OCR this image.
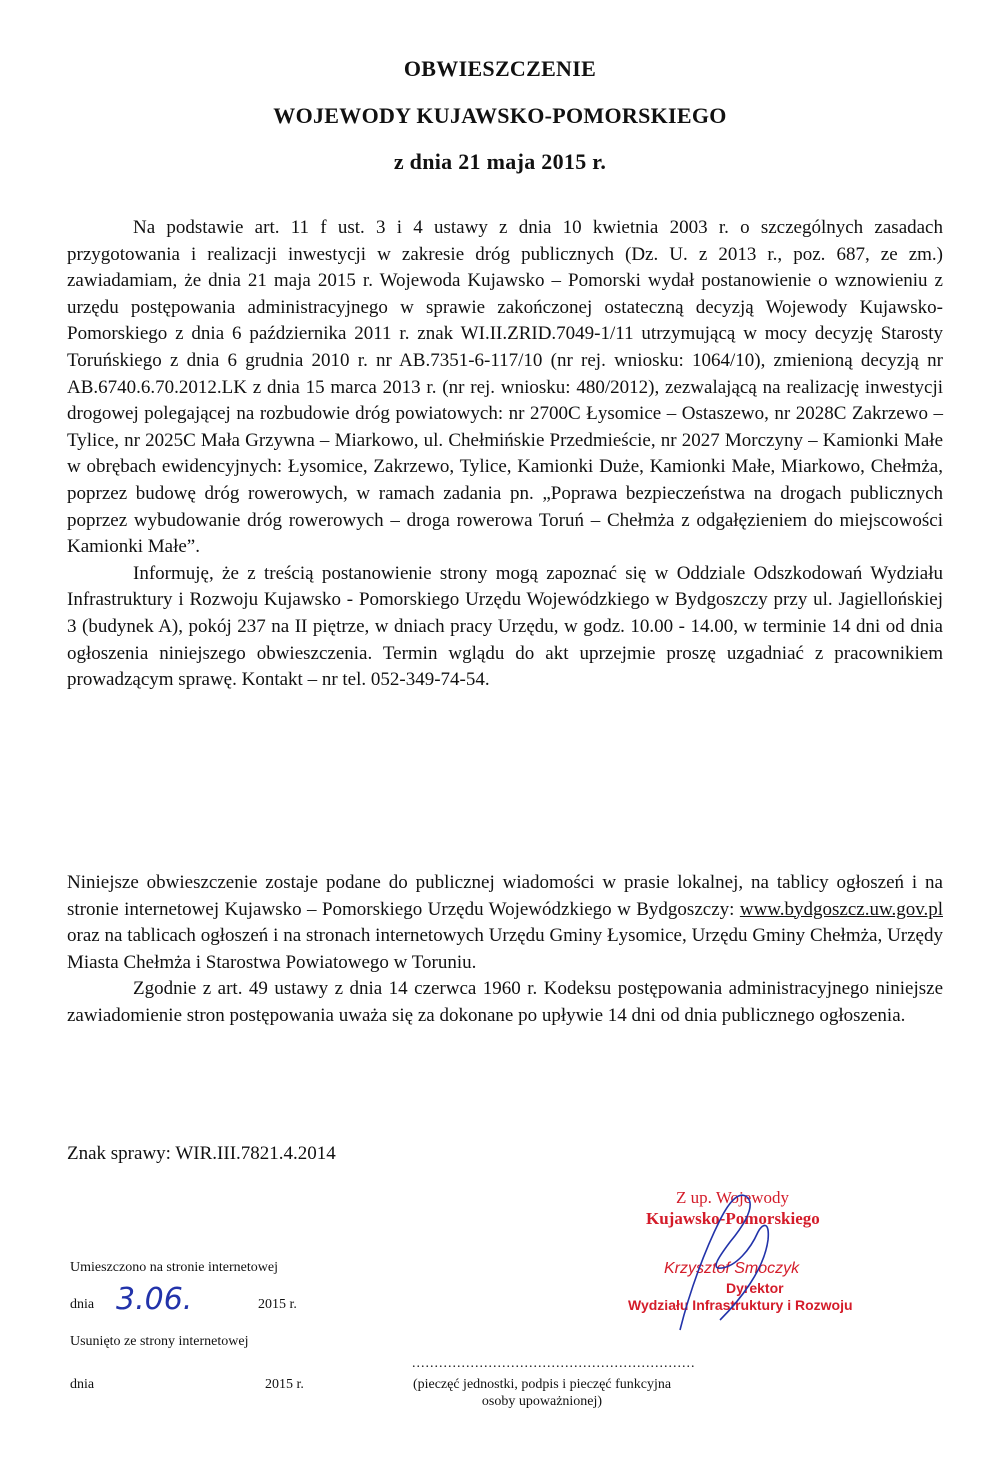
OBWIESZCZENIE
WOJEWODY KUJAWSKO-POMORSKIEGO
z dnia 21 maja 2015 r.

Na podstawie art. 11 f ust. 3 i 4 ustawy z dnia 10 kwietnia 2003 r. o szczególnych zasadach przygotowania i realizacji inwestycji w zakresie dróg publicznych (Dz. U. z 2013 r., poz. 687, ze zm.) zawiadamiam, że dnia 21 maja 2015 r. Wojewoda Kujawsko – Pomorski wydał postanowienie o wznowieniu z urzędu postępowania administracyjnego w sprawie zakończonej ostateczną decyzją Wojewody Kujawsko-Pomorskiego z dnia 6 października 2011 r. znak WI.II.ZRID.7049-1/11 utrzymującą w mocy decyzję Starosty Toruńskiego z dnia 6 grudnia 2010 r. nr AB.7351-6-117/10 (nr rej. wniosku: 1064/10), zmienioną decyzją nr AB.6740.6.70.2012.LK z dnia 15 marca 2013 r. (nr rej. wniosku: 480/2012), zezwalającą na realizację inwestycji drogowej polegającej na rozbudowie dróg powiatowych: nr 2700C Łysomice – Ostaszewo, nr 2028C Zakrzewo – Tylice, nr 2025C Mała Grzywna – Miarkowo, ul. Chełmińskie Przedmieście, nr 2027 Morczyny – Kamionki Małe w obrębach ewidencyjnych: Łysomice, Zakrzewo, Tylice, Kamionki Duże, Kamionki Małe, Miarkowo, Chełmża, poprzez budowę dróg rowerowych, w ramach zadania pn. „Poprawa bezpieczeństwa na drogach publicznych poprzez wybudowanie dróg rowerowych – droga rowerowa Toruń – Chełmża z odgałęzieniem do miejscowości Kamionki Małe”.

Informuję, że z treścią postanowienie strony mogą zapoznać się w Oddziale Odszkodowań Wydziału Infrastruktury i Rozwoju Kujawsko - Pomorskiego Urzędu Wojewódzkiego w Bydgoszczy przy ul. Jagiellońskiej 3 (budynek A), pokój 237 na II piętrze, w dniach pracy Urzędu, w godz. 10.00 - 14.00, w terminie 14 dni od dnia ogłoszenia niniejszego obwieszczenia. Termin wglądu do akt uprzejmie proszę uzgadniać z pracownikiem prowadzącym sprawę. Kontakt – nr tel. 052-349-74-54.

Niniejsze obwieszczenie zostaje podane do publicznej wiadomości w prasie lokalnej, na tablicy ogłoszeń i na stronie internetowej Kujawsko – Pomorskiego Urzędu Wojewódzkiego w Bydgoszczy: www.bydgoszcz.uw.gov.pl oraz na tablicach ogłoszeń i na stronach internetowych Urzędu Gminy Łysomice, Urzędu Gminy Chełmża, Urzędy Miasta Chełmża i Starostwa Powiatowego w Toruniu.

Zgodnie z art. 49 ustawy z dnia 14 czerwca 1960 r. Kodeksu postępowania administracyjnego niniejsze zawiadomienie stron postępowania uważa się za dokonane po upływie 14 dni od dnia publicznego ogłoszenia.

Znak sprawy: WIR.III.7821.4.2014
Z up. Wojewody
Kujawsko-Pomorskiego
Krzysztof Smoczyk
Dyrektor
Wydziału Infrastruktury i Rozwoju
Umieszczono na stronie internetowej
dnia 3.06.	2015 r.
Usunięto ze strony internetowej
dnia	2015 r.
...............................................................
(pieczęć jednostki, podpis i pieczęć funkcyjna
osoby upoważnionej)
